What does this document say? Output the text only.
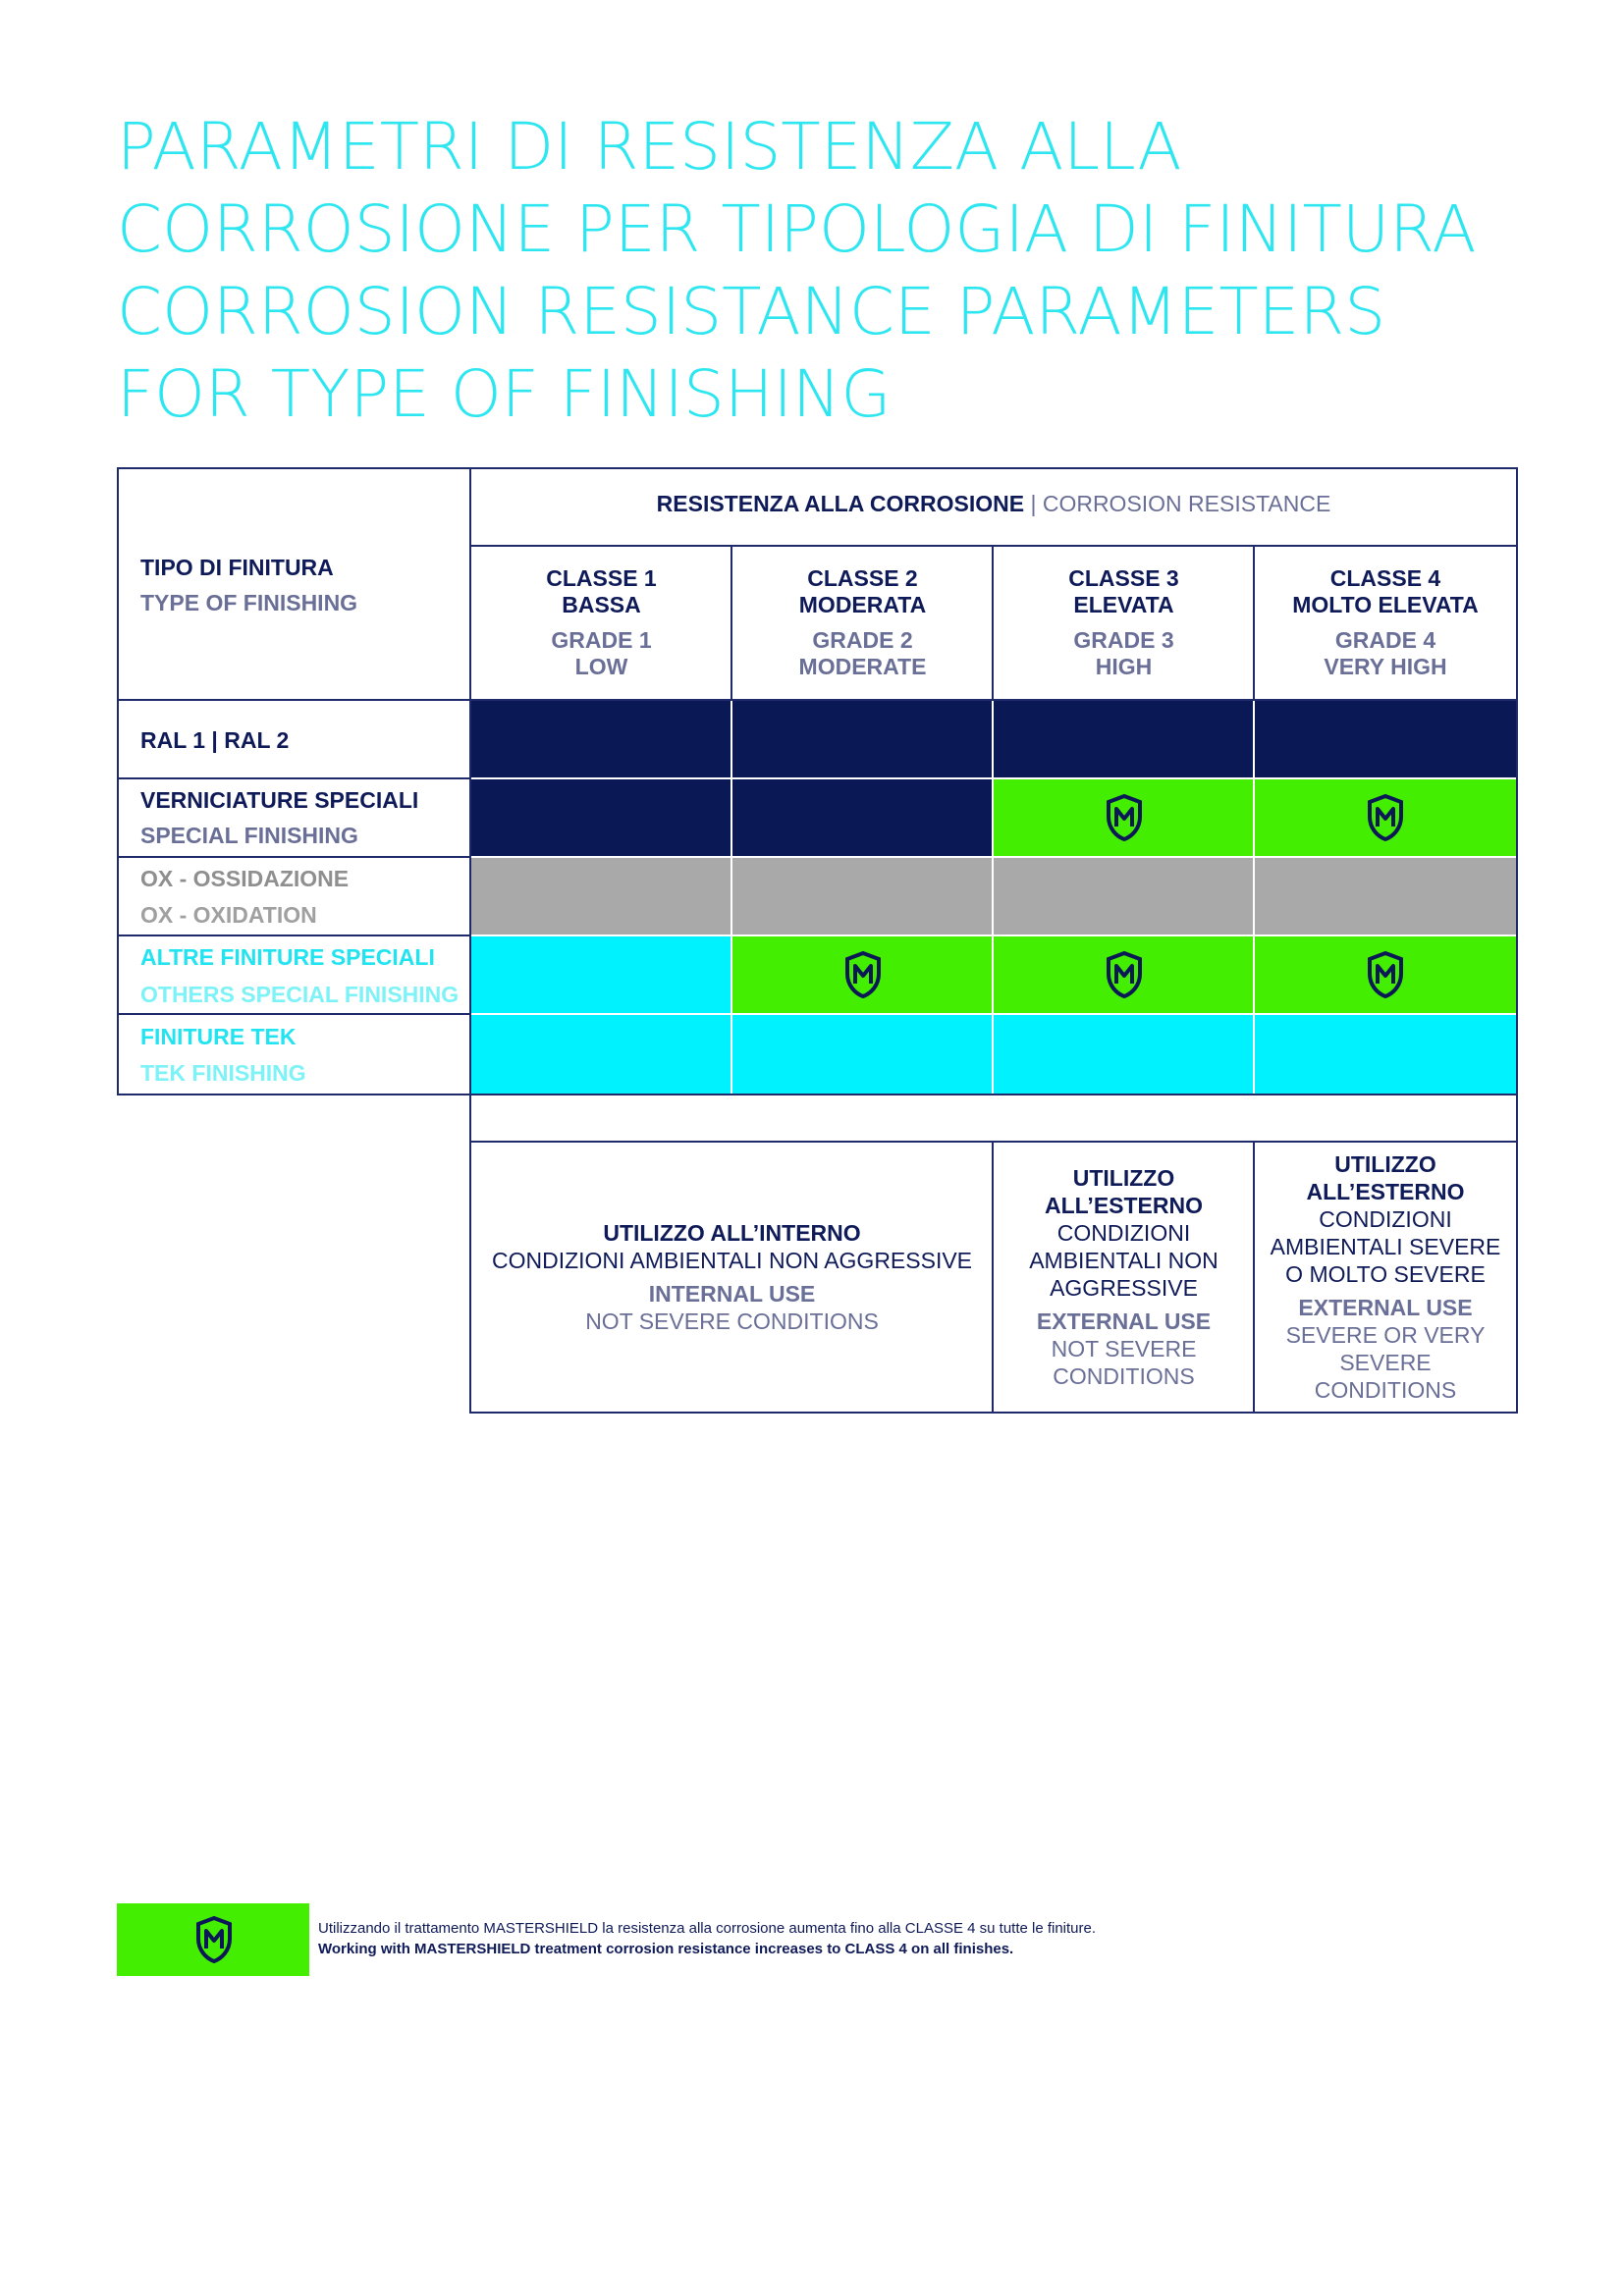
PARAMETRI DI RESISTENZA ALLA
CORROSIONE PER TIPOLOGIA DI FINITURA
CORROSION RESISTANCE PARAMETERS
FOR TYPE OF FINISHING
TIPO DI FINITURA
TYPE OF FINISHING
RESISTENZA ALLA CORROSIONE | CORROSION RESISTANCE
CLASSE 1
BASSA
GRADE 1
LOW
CLASSE 2
MODERATA
GRADE 2
MODERATE
CLASSE 3
ELEVATA
GRADE 3
HIGH
CLASSE 4
MOLTO ELEVATA
GRADE 4
VERY HIGH
RAL 1 | RAL 2
VERNICIATURE SPECIALI
SPECIAL FINISHING
OX - OSSIDAZIONE
OX - OXIDATION
ALTRE FINITURE SPECIALI
OTHERS SPECIAL FINISHING
FINITURE TEK
TEK FINISHING
UTILIZZO ALL’INTERNO
CONDIZIONI AMBIENTALI NON AGGRESSIVE
INTERNAL USE
NOT SEVERE CONDITIONS
UTILIZZO
ALL’ESTERNO
CONDIZIONI
AMBIENTALI NON
AGGRESSIVE
EXTERNAL USE
NOT SEVERE
CONDITIONS
UTILIZZO
ALL’ESTERNO
CONDIZIONI
AMBIENTALI SEVERE
O MOLTO SEVERE
EXTERNAL USE
SEVERE OR VERY
SEVERE
CONDITIONS
Utilizzando il trattamento MASTERSHIELD la resistenza alla corrosione aumenta fino alla CLASSE 4 su tutte le finiture.
Working with MASTERSHIELD treatment corrosion resistance increases to CLASS 4 on all finishes.
